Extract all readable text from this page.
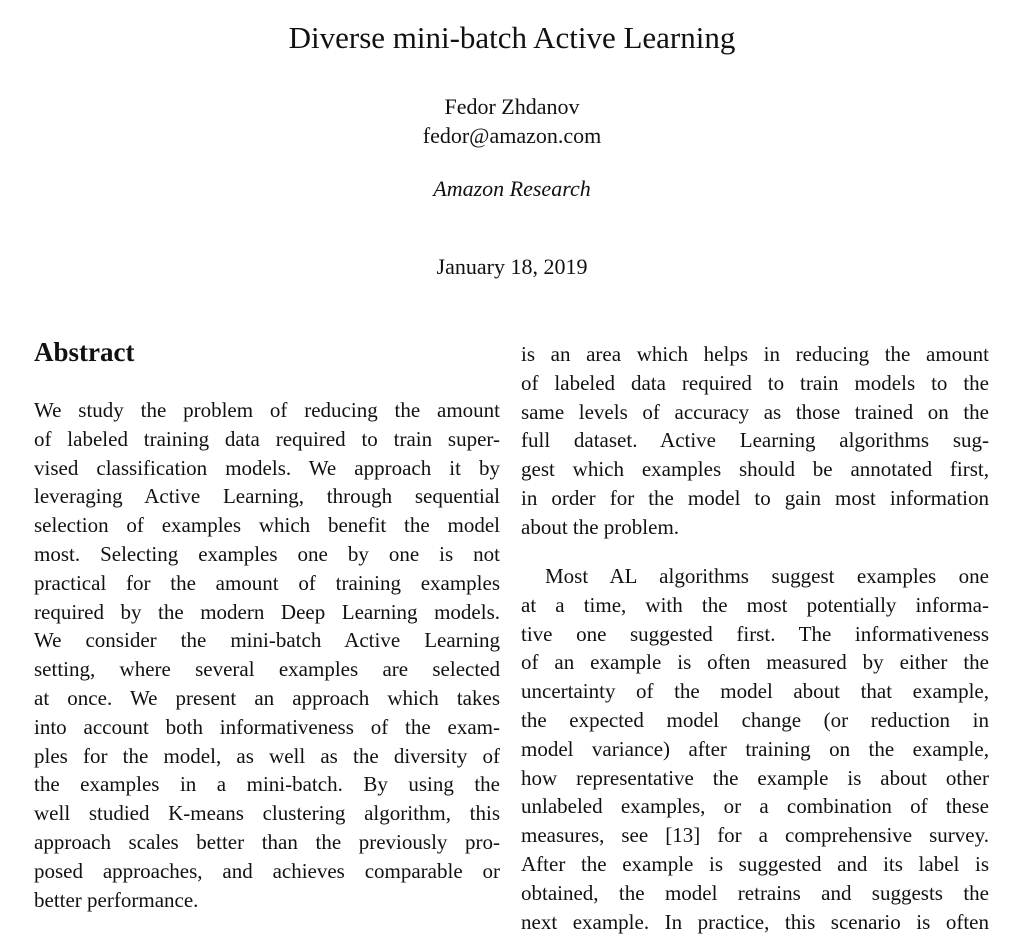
Diverse mini-batch Active Learning
Fedor Zhdanov
fedor@amazon.com
Amazon Research
January 18, 2019
Abstract
We study the problem of reducing the amount
of labeled training data required to train super-
vised classification models. We approach it by
leveraging Active Learning, through sequential
selection of examples which benefit the model
most. Selecting examples one by one is not
practical for the amount of training examples
required by the modern Deep Learning models.
We consider the mini-batch Active Learning
setting, where several examples are selected
at once. We present an approach which takes
into account both informativeness of the exam-
ples for the model, as well as the diversity of
the examples in a mini-batch. By using the
well studied K-means clustering algorithm, this
approach scales better than the previously pro-
posed approaches, and achieves comparable or
better performance.
is an area which helps in reducing the amount
of labeled data required to train models to the
same levels of accuracy as those trained on the
full dataset. Active Learning algorithms sug-
gest which examples should be annotated first,
in order for the model to gain most information
about the problem.
Most AL algorithms suggest examples one
at a time, with the most potentially informa-
tive one suggested first. The informativeness
of an example is often measured by either the
uncertainty of the model about that example,
the expected model change (or reduction in
model variance) after training on the example,
how representative the example is about other
unlabeled examples, or a combination of these
measures, see [13] for a comprehensive survey.
After the example is suggested and its label is
obtained, the model retrains and suggests the
next example. In practice, this scenario is often
